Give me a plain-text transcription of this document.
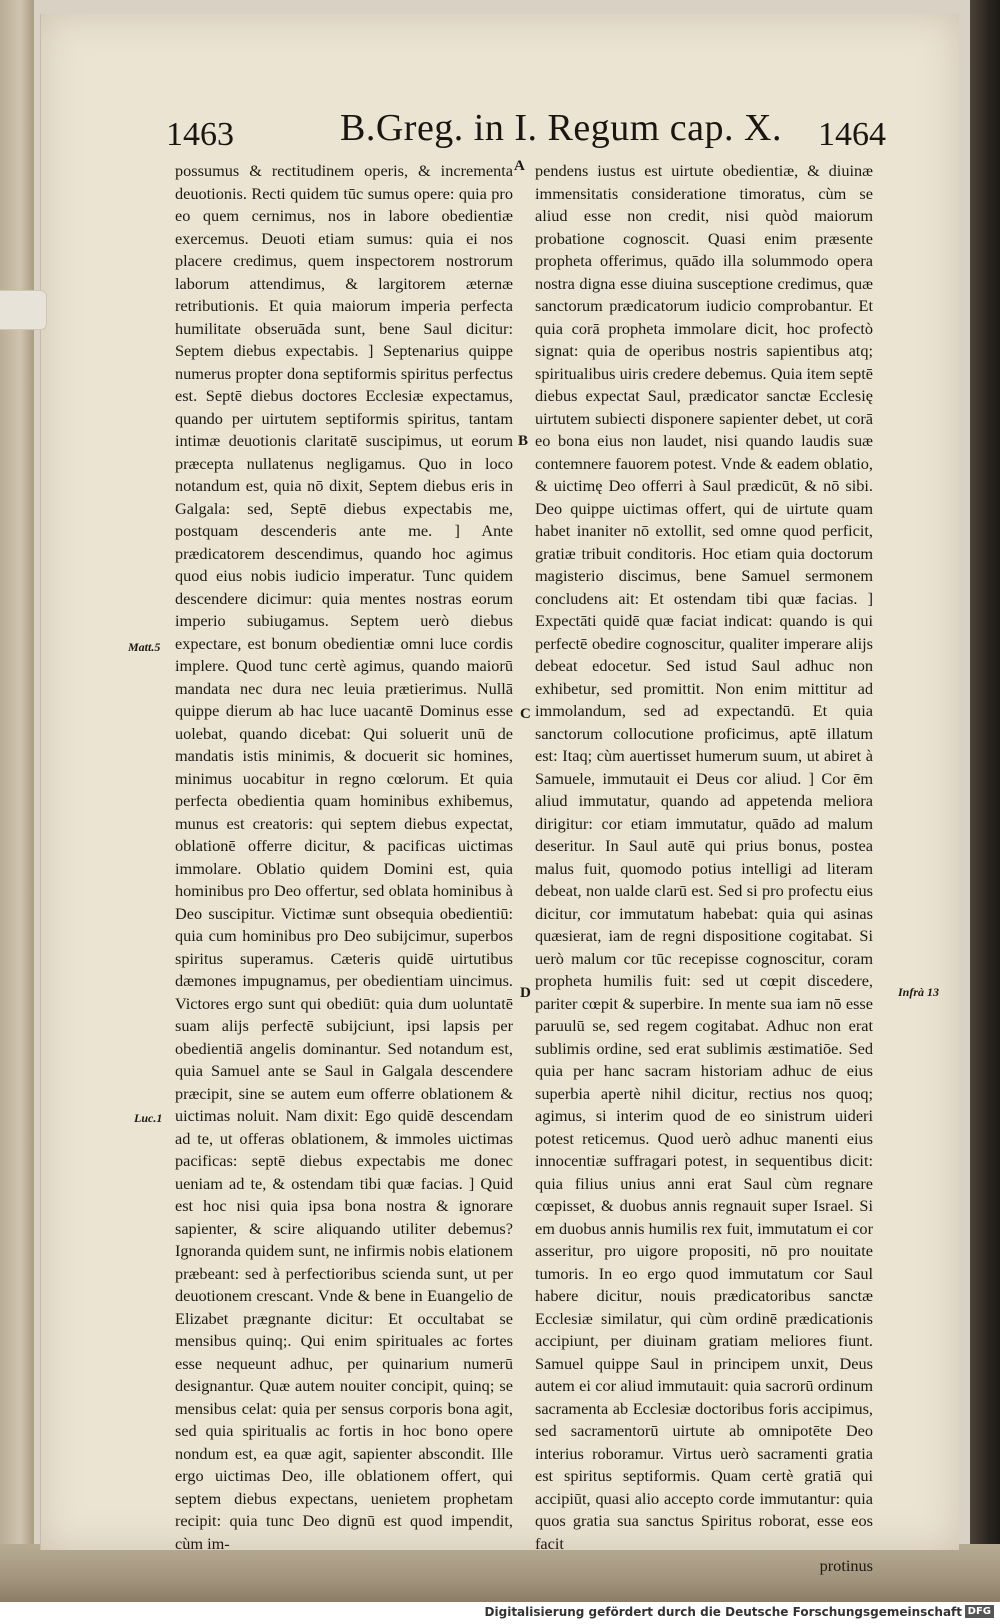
1463	B.Greg. in I. Regum cap. X. 1464

possumus & rectitudinem operis, & incrementa deuotionis. Recti quidem tūc sumus opere: quia pro eo quem cernimus, nos in labore obedientiæ exercemus. Deuoti etiam sumus: quia ei nos placere credimus, quem inspectorem nostrorum laborum attendimus, & largitorem æternæ retributionis. Et quia maiorum imperia perfecta humilitate obseruāda sunt, bene Saul dicitur: Septem diebus expectabis. ] Septenarius quippe numerus propter dona septiformis spiritus perfectus est. Septē diebus doctores Ecclesiæ expectamus, quando per uirtutem septiformis spiritus, tantam intimæ deuotionis claritatē suscipimus, ut eorum præcepta nullatenus negligamus. Quo in loco notandum est, quia nō dixit, Septem diebus eris in Galgala: sed, Septē diebus expectabis me, postquam descenderis ante me. ] Ante prædicatorem descendimus, quando hoc agimus quod eius nobis iudicio imperatur. Tunc quidem descendere dicimur: quia mentes nostras eorum imperio subiugamus. Septem uerò diebus expectare, est bonum obedientiæ omni luce cordis implere. Quod tunc certè agimus, quando maiorū mandata nec dura nec leuia prætierimus. Nullā quippe dierum ab hac luce uacantē Dominus esse uolebat, quando dicebat: Qui soluerit unū de mandatis istis minimis, & docuerit sic homines, minimus uocabitur in regno cœlorum. Et quia perfecta obedientia quam hominibus exhibemus, munus est creatoris: qui septem diebus expectat, oblationē offerre dicitur, & pacificas uictimas immolare. Oblatio quidem Domini est, quia hominibus pro Deo offertur, sed oblata hominibus à Deo suscipitur. Victimæ sunt obsequia obedientiū: quia cum hominibus pro Deo subijcimur, superbos spiritus superamus. Cæteris quidē uirtutibus dæmones impugnamus, per obedientiam uincimus. Victores ergo sunt qui obediūt: quia dum uoluntatē suam alijs perfectē subijciunt, ipsi lapsis per obedientiā angelis dominantur. Sed notandum est, quia Samuel ante se Saul in Galgala descendere præcipit, sine se autem eum offerre oblationem & uictimas noluit. Nam dixit: Ego quidē descendam ad te, ut offeras oblationem, & immoles uictimas pacificas: septē diebus expectabis me donec ueniam ad te, & ostendam tibi quæ facias. ] Quid est hoc nisi quia ipsa bona nostra & ignorare sapienter, & scire aliquando utiliter debemus? Ignoranda quidem sunt, ne infirmis nobis elationem præbeant: sed à perfectioribus scienda sunt, ut per deuotionem crescant. Vnde & bene in Euangelio de Elizabet prægnante dicitur: Et occultabat se mensibus quinq;. Qui enim spirituales ac fortes esse nequeunt adhuc, per quinarium numerū designantur. Quæ autem nouiter concipit, quinq; se mensibus celat: quia per sensus corporis bona agit, sed quia spiritualis ac fortis in hoc bono opere nondum est, ea quæ agit, sapienter abscondit. Ille ergo uictimas Deo, ille oblationem offert, qui septem diebus expectans, uenietem prophetam recipit: quia tunc Deo dignū est quod impendit, cùm im-

pendens iustus est uirtute obedientiæ, & diuinæ immensitatis consideratione timoratus, cùm se aliud esse non credit, nisi quòd maiorum probatione cognoscit. Quasi enim præsente propheta offerimus, quādo illa solummodo opera nostra digna esse diuina susceptione credimus, quæ sanctorum prædicatorum iudicio comprobantur. Et quia corā propheta immolare dicit, hoc profectò signat: quia de operibus nostris sapientibus atq; spiritualibus uiris credere debemus. Quia item septē diebus expectat Saul, prædicator sanctæ Ecclesię uirtutem subiecti disponere sapienter debet, ut corā eo bona eius non laudet, nisi quando laudis suæ contemnere fauorem potest. Vnde & eadem oblatio, & uictimę Deo offerri à Saul prædicūt, & nō sibi. Deo quippe uictimas offert, qui de uirtute quam habet inaniter nō extollit, sed omne quod perficit, gratiæ tribuit conditoris. Hoc etiam quia doctorum magisterio discimus, bene Samuel sermonem concludens ait: Et ostendam tibi quæ facias. ] Expectāti quidē quæ faciat indicat: quando is qui perfectē obedire cognoscitur, qualiter imperare alijs debeat edocetur. Sed istud Saul adhuc non exhibetur, sed promittit. Non enim mittitur ad immolandum, sed ad expectandū. Et quia sanctorum collocutione proficimus, aptē illatum est: Itaq; cùm auertisset humerum suum, ut abiret à Samuele, immutauit ei Deus cor aliud. ] Cor ēm aliud immutatur, quando ad appetenda meliora dirigitur: cor etiam immutatur, quādo ad malum deseritur. In Saul autē qui prius bonus, postea malus fuit, quomodo potius intelligi ad literam debeat, non ualde clarū est. Sed si pro profectu eius dicitur, cor immutatum habebat: quia qui asinas quæsierat, iam de regni dispositione cogitabat. Si uerò malum cor tūc recepisse cognoscitur, coram propheta humilis fuit: sed ut cœpit discedere, pariter cœpit & superbire. In mente sua iam nō esse paruulū se, sed regem cogitabat. Adhuc non erat sublimis ordine, sed erat sublimis æstimatiōe. Sed quia per hanc sacram historiam adhuc de eius superbia apertè nihil dicitur, rectius nos quoq; agimus, si interim quod de eo sinistrum uideri potest reticemus. Quod uerò adhuc manenti eius innocentiæ suffragari potest, in sequentibus dicit: quia filius unius anni erat Saul cùm regnare cœpisset, & duobus annis regnauit super Israel. Si em duobus annis humilis rex fuit, immutatum ei cor asseritur, pro uigore propositi, nō pro nouitate tumoris. In eo ergo quod immutatum cor Saul habere dicitur, nouis prædicatoribus sanctæ Ecclesiæ similatur, qui cùm ordinē prædicationis accipiunt, per diuinam gratiam meliores fiunt. Samuel quippe Saul in principem unxit, Deus autem ei cor aliud immutauit: quia sacrorū ordinum sacramenta ab Ecclesiæ doctoribus foris accipimus, sed sacramentorū uirtute ab omnipotēte Deo interius roboramur. Virtus uerò sacramenti gratia est spiritus septiformis. Quam certè gratiā qui accipiūt, quasi alio accepto corde immutantur: quia quos gratia sua sanctus Spiritus roborat, esse eos facit

protinus

A
B
C
D
Matt.5
Luc.1
Infrà 13
Digitalisierung gefördert durch die Deutsche Forschungsgemeinschaft DFG
